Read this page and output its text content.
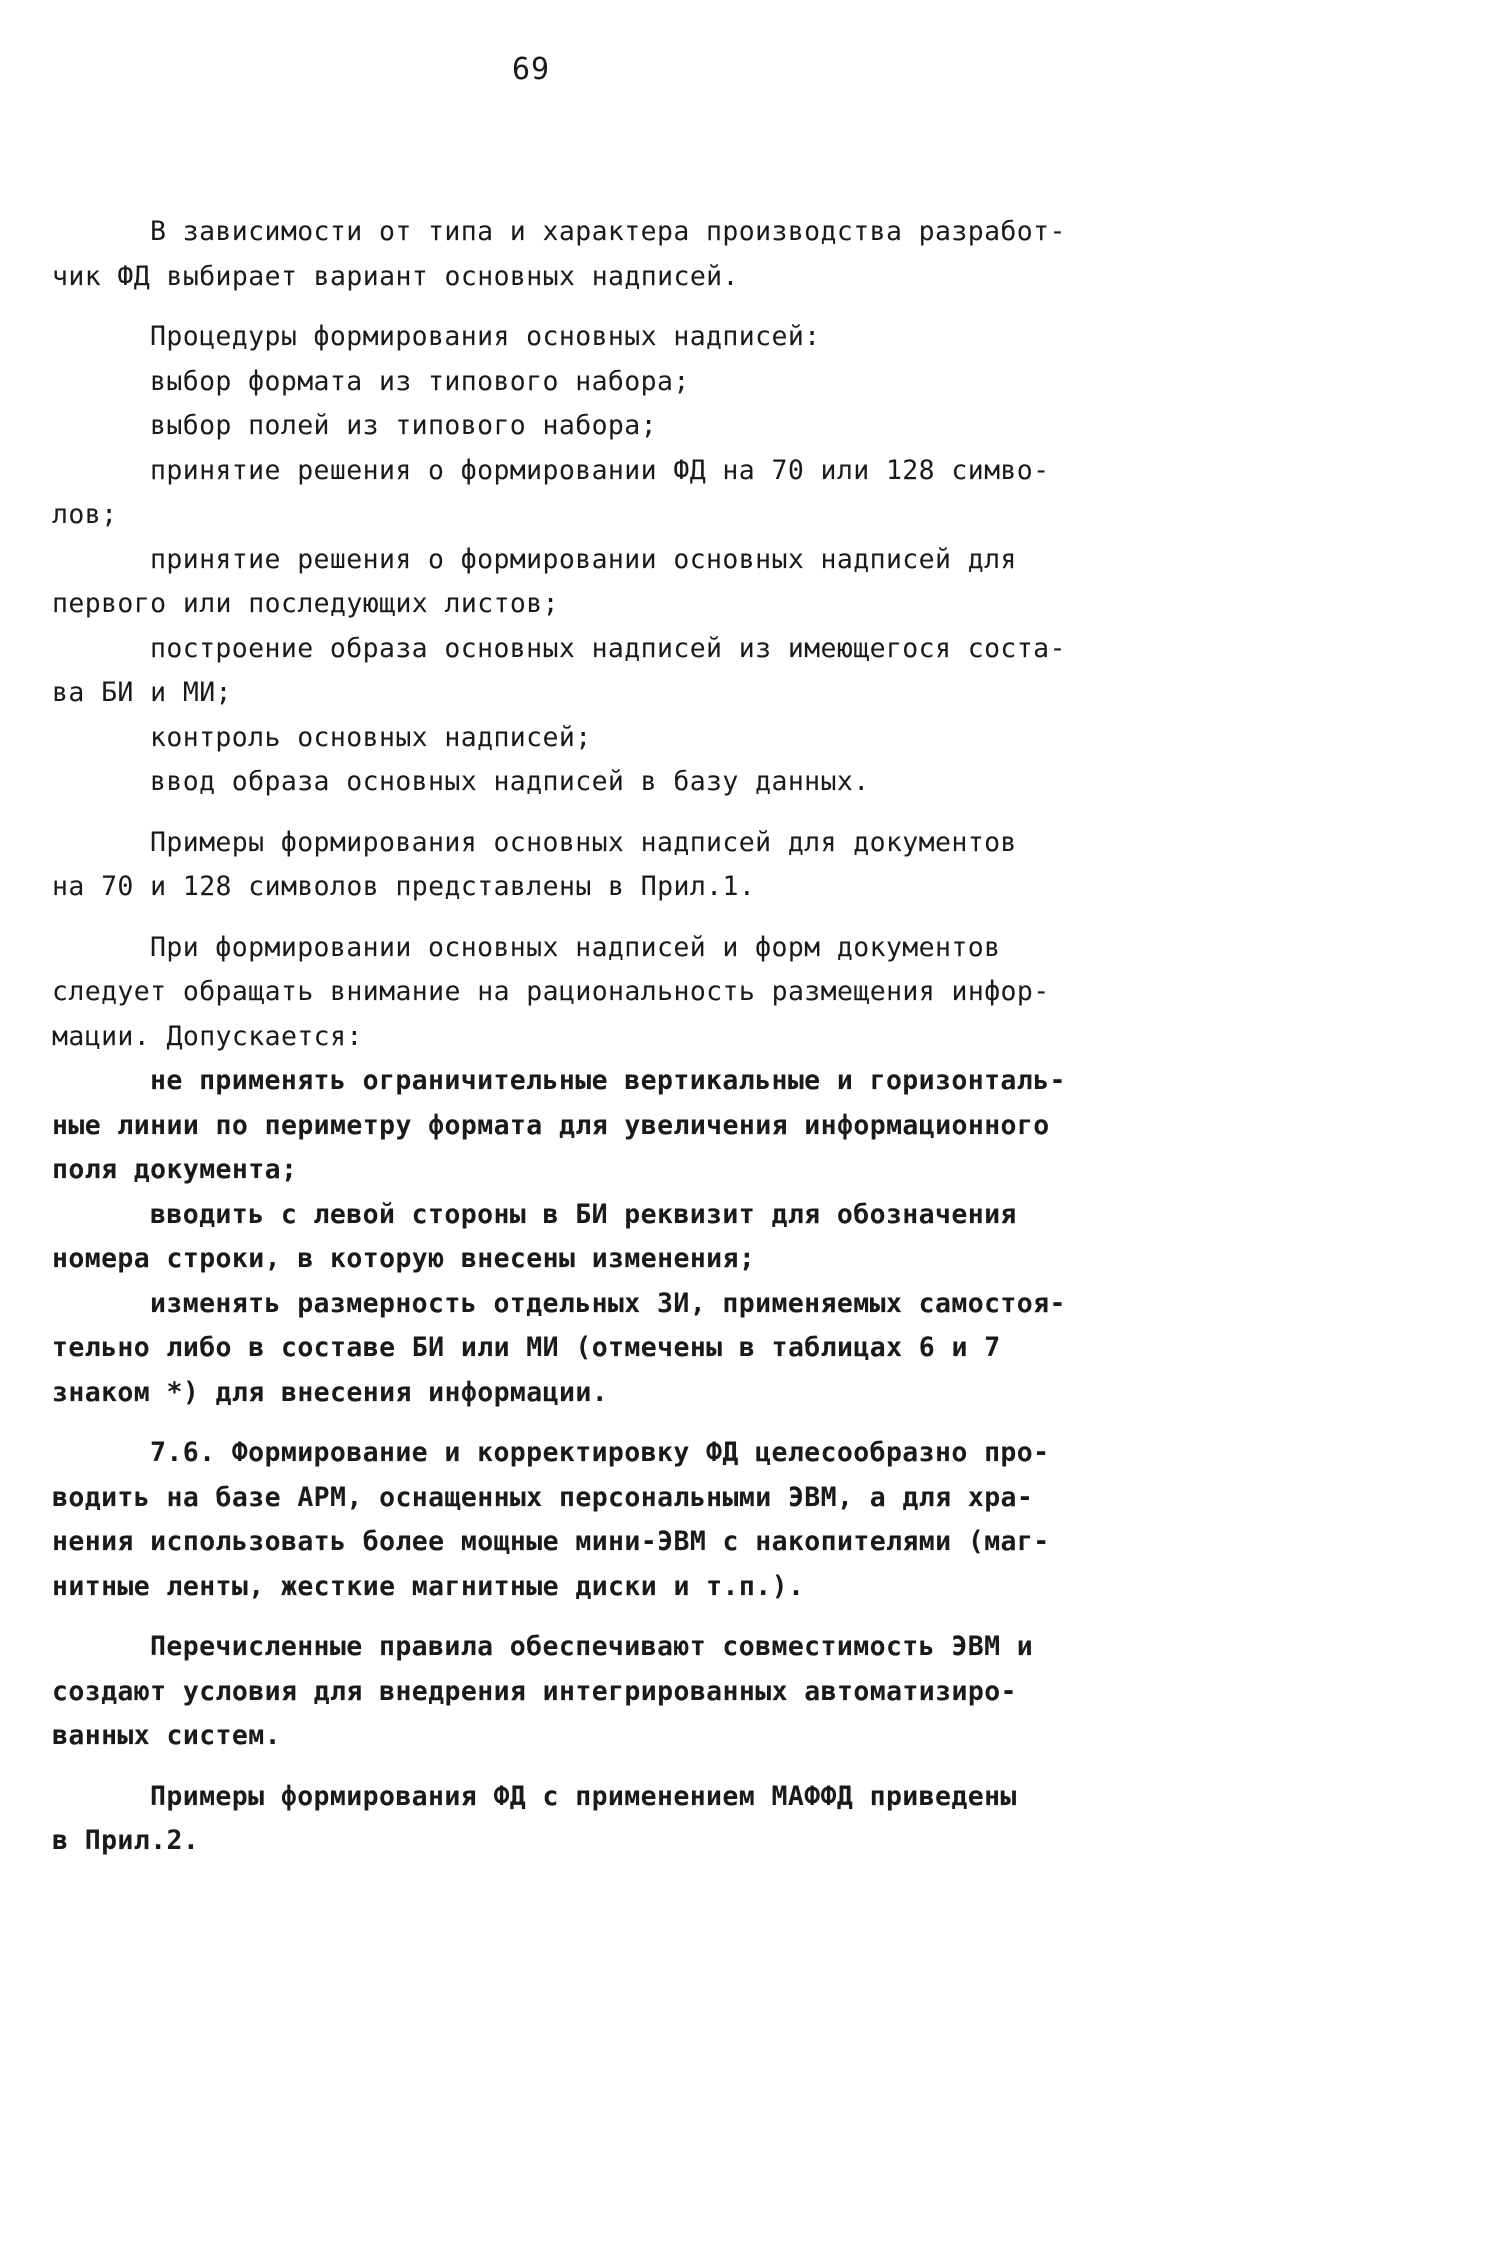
69
В зависимости от типа и характера производства разработ-
чик ФД выбирает вариант основных надписей.
Процедуры формирования основных надписей:
выбор формата из типового набора;
выбор полей из типового набора;
принятие решения о формировании ФД на 70 или 128 симво-
лов;
принятие решения о формировании основных надписей для
первого или последующих листов;
построение образа основных надписей из имеющегося соста-
ва БИ и МИ;
контроль основных надписей;
ввод образа основных надписей в базу данных.
Примеры формирования основных надписей для документов
на 70 и 128 символов представлены в Прил.1.
При формировании основных надписей и форм документов
следует обращать внимание на рациональность размещения инфор-
мации. Допускается:
не применять ограничительные вертикальные и горизонталь-
ные линии по периметру формата для увеличения информационного
поля документа;
вводить с левой стороны в БИ реквизит для обозначения
номера строки, в которую внесены изменения;
изменять размерность отдельных ЗИ, применяемых самостоя-
тельно либо в составе БИ или МИ (отмечены в таблицах 6 и 7
знаком *) для внесения информации.
7.6. Формирование и корректировку ФД целесообразно про-
водить на базе АРМ, оснащенных персональными ЭВМ, а для хра-
нения использовать более мощные мини-ЭВМ с накопителями (маг-
нитные ленты, жесткие магнитные диски и т.п.).
Перечисленные правила обеспечивают совместимость ЭВМ и
создают условия для внедрения интегрированных автоматизиро-
ванных систем.
Примеры формирования ФД с применением МАФФД приведены
в Прил.2.
